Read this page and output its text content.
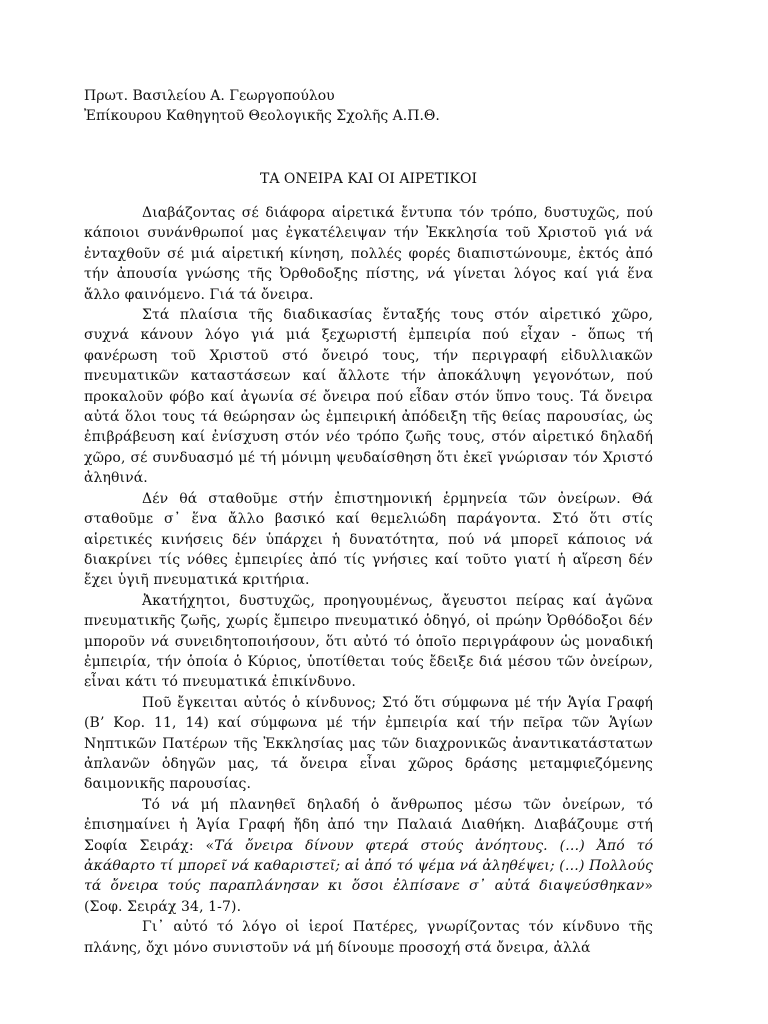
Πρωτ. Βασιλείου Α. Γεωργοπούλου

Ἐπίκουρου Καθηγητοῦ Θεολογικῆς Σχολῆς Α.Π.Θ.

ΤΑ ΟΝΕΙΡΑ ΚΑΙ ΟΙ ΑΙΡΕΤΙΚΟΙ

Διαβάζοντας σέ διάφορα αἱρετικά ἔντυπα τόν τρόπο, δυστυχῶς, πού κάποιοι συνάνθρωποί μας ἐγκατέλειψαν τήν Ἐκκλησία τοῦ Χριστοῦ γιά νά ἐνταχθοῦν σέ μιά αἱρετική κίνηση, πολλές φορές διαπιστώνουμε, ἐκτός ἀπό τήν ἀπουσία γνώσης τῆς Ὀρθοδοξης πίστης, νά γίνεται λόγος καί γιά ἕνα ἄλλο φαινόμενο. Γιά τά ὄνειρα.

Στά πλαίσια τῆς διαδικασίας ἔνταξής τους στόν αἱρετικό χῶρο, συχνά κάνουν λόγο γιά μιά ξεχωριστή ἐμπειρία πού εἶχαν - ὅπως τή φανέρωση τοῦ Χριστοῦ στό ὄνειρό τους, τήν περιγραφή εἰδυλλιακῶν πνευματικῶν καταστάσεων καί ἄλλοτε τήν ἀποκάλυψη γεγονότων, πού προκαλοῦν φόβο καί ἀγωνία σέ ὄνειρα πού εἶδαν στόν ὕπνο τους. Τά ὄνειρα αὐτά ὅλοι τους τά θεώρησαν ὡς ἐμπειρική ἀπόδειξη τῆς θείας παρουσίας, ὡς ἐπιβράβευση καί ἐνίσχυση στόν νέο τρόπο ζωῆς τους, στόν αἱρετικό δηλαδή χῶρο, σέ συνδυασμό μέ τή μόνιμη ψευδαίσθηση ὅτι ἐκεῖ γνώρισαν τόν Χριστό ἀληθινά.

Δέν θά σταθοῦμε στήν ἐπιστημονική ἑρμηνεία τῶν ὀνείρων. Θά σταθοῦμε σ᾿ ἕνα ἄλλο βασικό καί θεμελιώδη παράγοντα. Στό ὅτι στίς αἱρετικές κινήσεις δέν ὑπάρχει ἡ δυνατότητα, πού νά μπορεῖ κάποιος νά διακρίνει τίς νόθες ἐμπειρίες ἀπό τίς γνήσιες καί τοῦτο γιατί ἡ αἵρεση δέν ἔχει ὑγιῆ πνευματικά κριτήρια.

Ἀκατήχητοι, δυστυχῶς, προηγουμένως, ἄγευστοι πείρας καί ἀγῶνα πνευματικῆς ζωῆς, χωρίς ἔμπειρο πνευματικό ὁδηγό, οἱ πρώην Ὀρθόδοξοι δέν μποροῦν νά συνειδητοποιήσουν, ὅτι αὐτό τό ὁποῖο περιγράφουν ὡς μοναδική ἐμπειρία, τήν ὁποία ὁ Κύριος, ὑποτίθεται τούς ἔδειξε διά μέσου τῶν ὀνείρων, εἶναι κάτι τό πνευματικά ἐπικίνδυνο.

Ποῦ ἔγκειται αὐτός ὁ κίνδυνος; Στό ὅτι σύμφωνα μέ τήν Ἁγία Γραφή (Β’ Κορ. 11, 14) καί σύμφωνα μέ τήν ἐμπειρία καί τήν πεῖρα τῶν Ἁγίων Νηπτικῶν Πατέρων τῆς Ἐκκλησίας μας τῶν διαχρονικῶς ἀναντικατάστατων ἀπλανῶν ὁδηγῶν μας, τά ὄνειρα εἶναι χῶρος δράσης μεταμφιεζόμενης δαιμονικῆς παρουσίας.

Τό νά μή πλανηθεῖ δηλαδή ὁ ἄνθρωπος μέσω τῶν ὀνείρων, τό ἐπισημαίνει ἡ Ἁγία Γραφή ἤδη ἀπό την Παλαιά Διαθήκη. Διαβάζουμε στή Σοφία Σειράχ: «Τά ὄνειρα δίνουν φτερά στούς ἀνόητους. (…) Ἀπό τό ἀκάθαρτο τί μπορεῖ νά καθαριστεῖ; αἱ ἀπό τό ψέμα νά ἀληθέψει; (…) Πολλούς τά ὄνειρα τούς παραπλάνησαν κι ὅσοι ἐλπίσανε σ᾿ αὐτά διαψεύσθηκαν» (Σοφ. Σειράχ 34, 1-7).

Γι᾿ αὐτό τό λόγο οἱ ἱεροί Πατέρες, γνωρίζοντας τόν κίνδυνο τῆς πλάνης, ὄχι μόνο συνιστοῦν νά μή δίνουμε προσοχή στά ὄνειρα, ἀλλά
